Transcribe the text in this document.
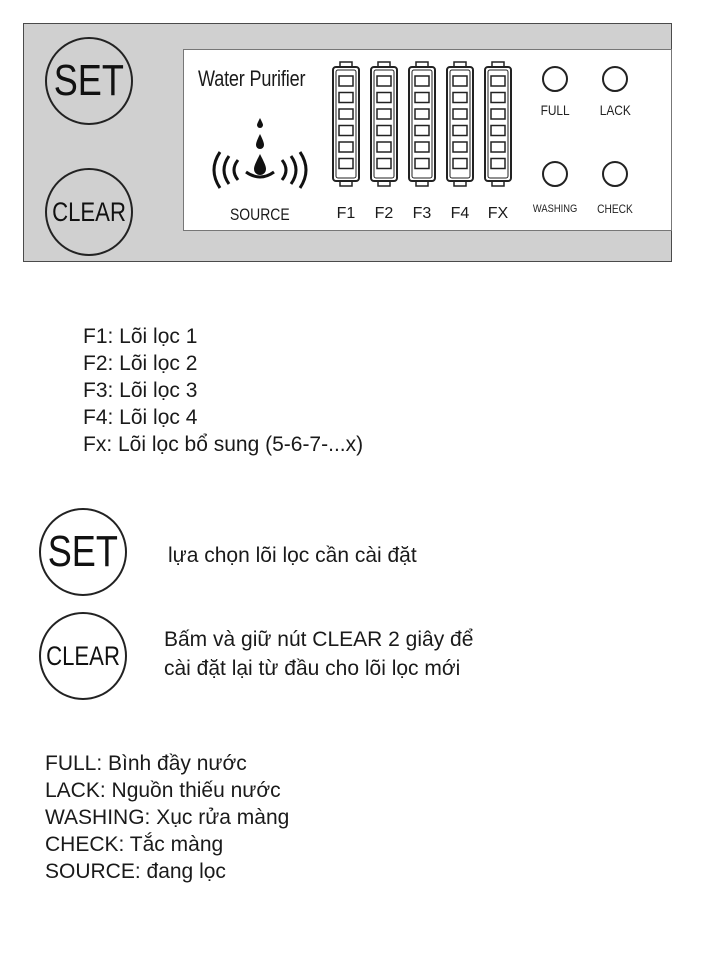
SET
CLEAR
Water Purifier
SOURCE	F1	F2	F3	F4	FX
FULL	LACK
WASHING	CHECK
F1: Lõi lọc 1
F2: Lõi lọc 2
F3: Lõi lọc 3
F4: Lõi lọc 4
Fx: Lõi lọc bổ sung (5-6-7-...x)
SET lựa chọn lõi lọc cần cài đặt
CLEAR
Bấm và giữ nút CLEAR 2 giây để
cài đặt lại từ đầu cho lõi lọc mới
FULL: Bình đầy nước
LACK: Nguồn thiếu nước
WASHING: Xục rửa màng
CHECK: Tắc màng
SOURCE: đang lọc
